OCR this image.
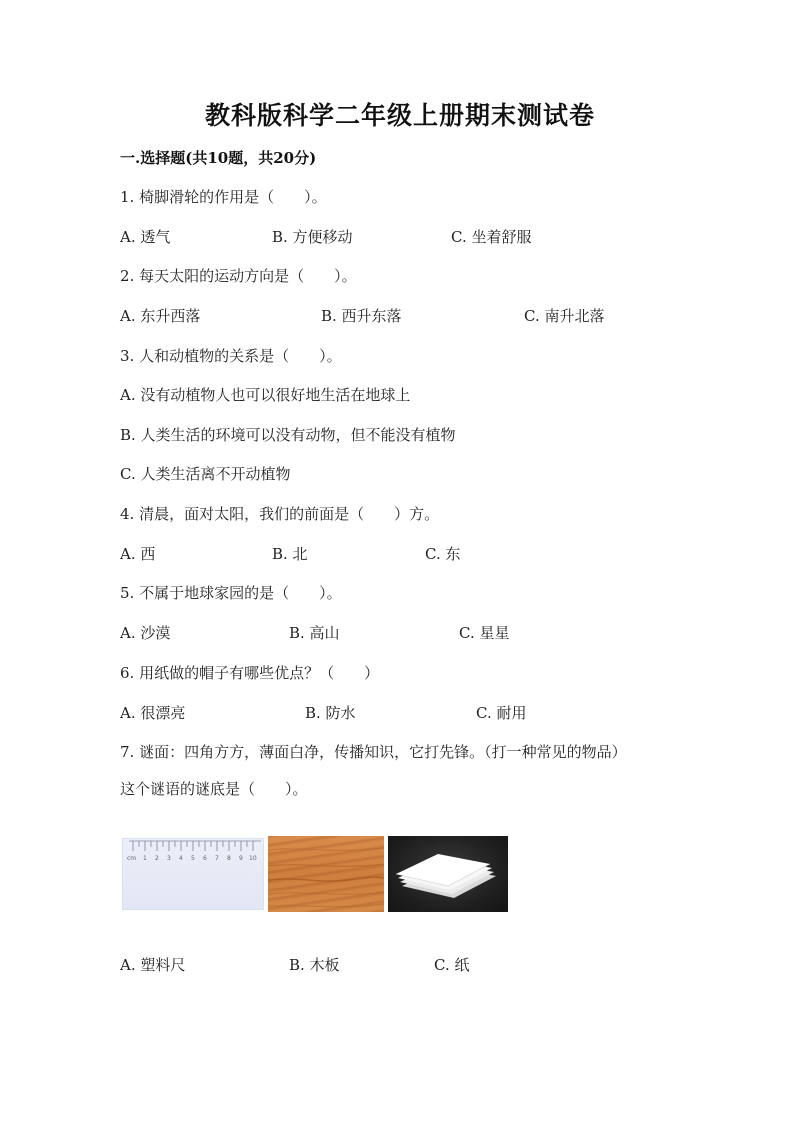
教科版科学二年级上册期末测试卷
一.选择题(共10题，共20分)
1. 椅脚滑轮的作用是（　　）。
A. 透气	B. 方便移动	C. 坐着舒服
2. 每天太阳的运动方向是（　　）。
A. 东升西落	B. 西升东落	C. 南升北落
3. 人和动植物的关系是（　　）。
A. 没有动植物人也可以很好地生活在地球上
B. 人类生活的环境可以没有动物，但不能没有植物
C. 人类生活离不开动植物
4. 清晨，面对太阳，我们的前面是（　　）方。
A. 西	B. 北	C. 东
5. 不属于地球家园的是（　　）。
A. 沙漠	B. 高山	C. 星星
6. 用纸做的帽子有哪些优点？（　　）
A. 很漂亮	B. 防水	C. 耐用
7. 谜面：四角方方，薄面白净，传播知识，它打先锋。（打一种常见的物品）
这个谜语的谜底是（　　）。
cm 1 2 3 4 5 6 7 8 9 10
A. 塑料尺	B. 木板	C. 纸
